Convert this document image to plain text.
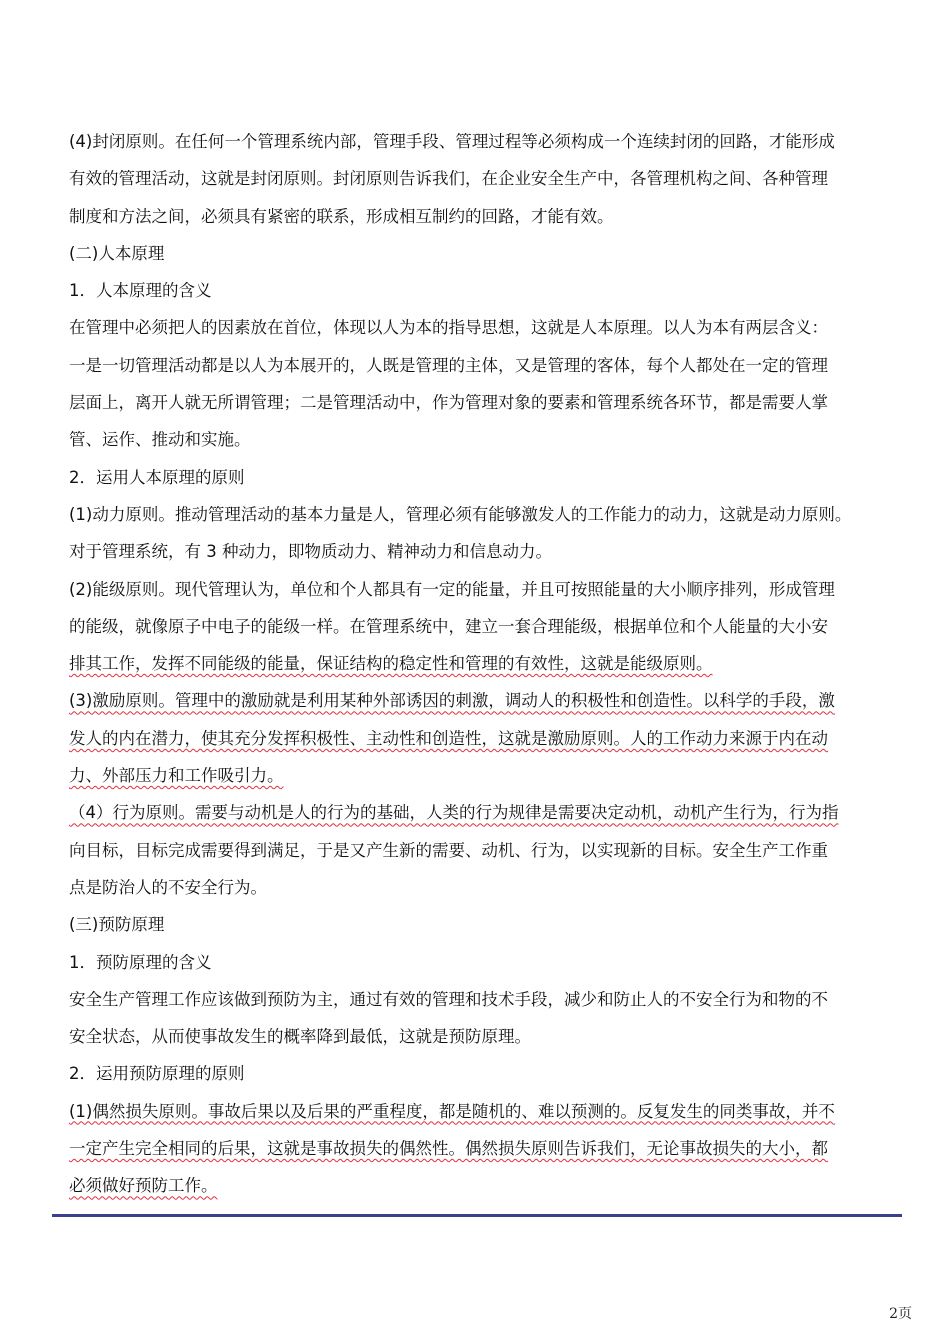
(4)封闭原则。在任何一个管理系统内部，管理手段、管理过程等必须构成一个连续封闭的回路，才能形成
有效的管理活动，这就是封闭原则。封闭原则告诉我们，在企业安全生产中，各管理机构之间、各种管理
制度和方法之间，必须具有紧密的联系，形成相互制约的回路，才能有效。

(二)人本原理

1．人本原理的含义

在管理中必须把人的因素放在首位，体现以人为本的指导思想，这就是人本原理。以人为本有两层含义：
一是一切管理活动都是以人为本展开的，人既是管理的主体，又是管理的客体，每个人都处在一定的管理
层面上，离开人就无所谓管理；二是管理活动中，作为管理对象的要素和管理系统各环节，都是需要人掌
管、运作、推动和实施。

2．运用人本原理的原则

(1)动力原则。推动管理活动的基本力量是人，管理必须有能够激发人的工作能力的动力，这就是动力原则。
对于管理系统，有 3 种动力，即物质动力、精神动力和信息动力。

(2)能级原则。现代管理认为，单位和个人都具有一定的能量，并且可按照能量的大小顺序排列，形成管理
的能级，就像原子中电子的能级一样。在管理系统中，建立一套合理能级，根据单位和个人能量的大小安
排其工作，发挥不同能级的能量，保证结构的稳定性和管理的有效性，这就是能级原则。

(3)激励原则。管理中的激励就是利用某种外部诱因的刺激，调动人的积极性和创造性。以科学的手段，激
发人的内在潜力，使其充分发挥积极性、主动性和创造性，这就是激励原则。人的工作动力来源于内在动
力、外部压力和工作吸引力。

（4）行为原则。需要与动机是人的行为的基础，人类的行为规律是需要决定动机，动机产生行为，行为指
向目标，目标完成需要得到满足，于是又产生新的需要、动机、行为，以实现新的目标。安全生产工作重
点是防治人的不安全行为。

(三)预防原理

1．预防原理的含义

安全生产管理工作应该做到预防为主，通过有效的管理和技术手段，减少和防止人的不安全行为和物的不
安全状态，从而使事故发生的概率降到最低，这就是预防原理。

2．运用预防原理的原则

(1)偶然损失原则。事故后果以及后果的严重程度，都是随机的、难以预测的。反复发生的同类事故，并不
一定产生完全相同的后果，这就是事故损失的偶然性。偶然损失原则告诉我们，无论事故损失的大小，都
必须做好预防工作。

2页
